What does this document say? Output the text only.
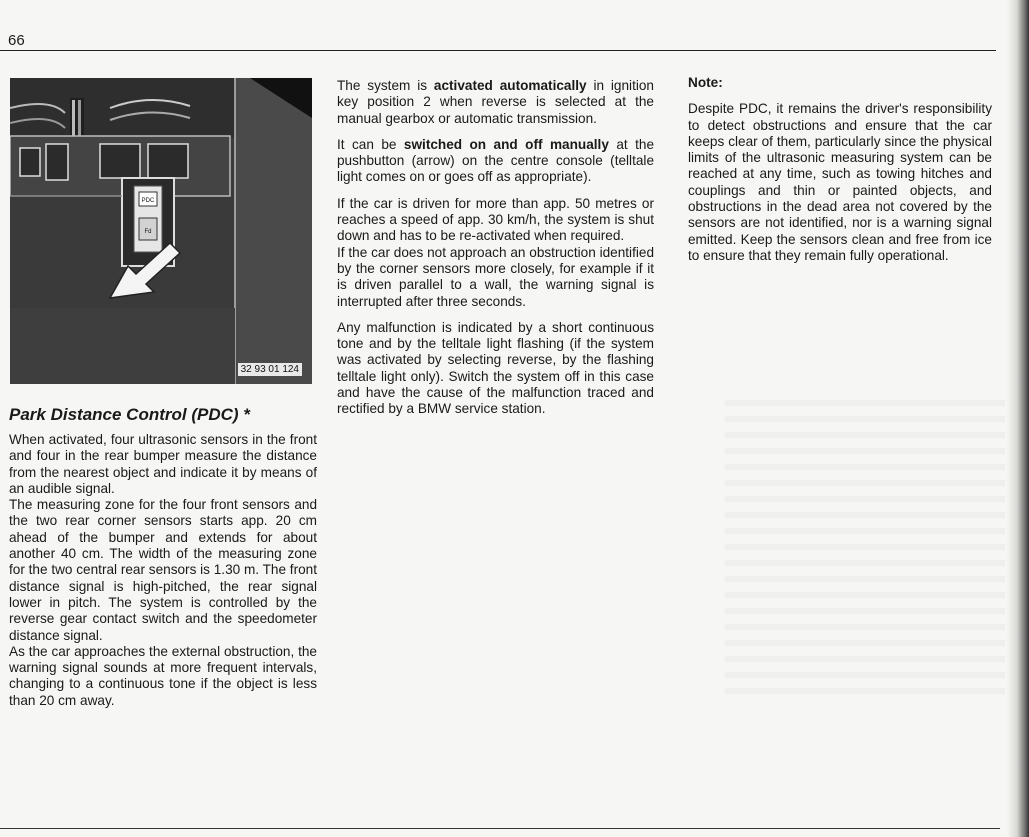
66
PDC
Fd
32 93 01 124
Park Distance Control (PDC) *

When activated, four ultrasonic sensors in the front and four in the rear bumper measure the distance from the nearest object and indicate it by means of an audible signal.

The measuring zone for the four front sensors and the two rear corner sensors starts app. 20 cm ahead of the bumper and extends for about another 40 cm. The width of the measuring zone for the two central rear sensors is 1.30 m. The front distance signal is high-pitched, the rear signal lower in pitch. The system is controlled by the reverse gear contact switch and the speedometer distance signal.

As the car approaches the external obstruction, the warning signal sounds at more frequent intervals, changing to a continuous tone if the object is less than 20 cm away.

The system is activated automatically in ignition key position 2 when reverse is selected at the manual gearbox or automatic transmission.

It can be switched on and off manually at the pushbutton (arrow) on the centre console (telltale light comes on or goes off as appropriate).

If the car is driven for more than app. 50 metres or reaches a speed of app. 30 km/h, the system is shut down and has to be re-activated when required.

If the car does not approach an obstruction identified by the corner sensors more closely, for example if it is driven parallel to a wall, the warning signal is interrupted after three seconds.

Any malfunction is indicated by a short continuous tone and by the telltale light flashing (if the system was activated by selecting reverse, by the flashing telltale light only). Switch the system off in this case and have the cause of the malfunction traced and rectified by a BMW service station.

Note:

Despite PDC, it remains the driver's responsibility to detect obstructions and ensure that the car keeps clear of them, particularly since the physical limits of the ultrasonic measuring system can be reached at any time, such as towing hitches and couplings and thin or painted objects, and obstructions in the dead area not covered by the sensors are not identified, nor is a warning signal emitted. Keep the sensors clean and free from ice to ensure that they remain fully operational.
